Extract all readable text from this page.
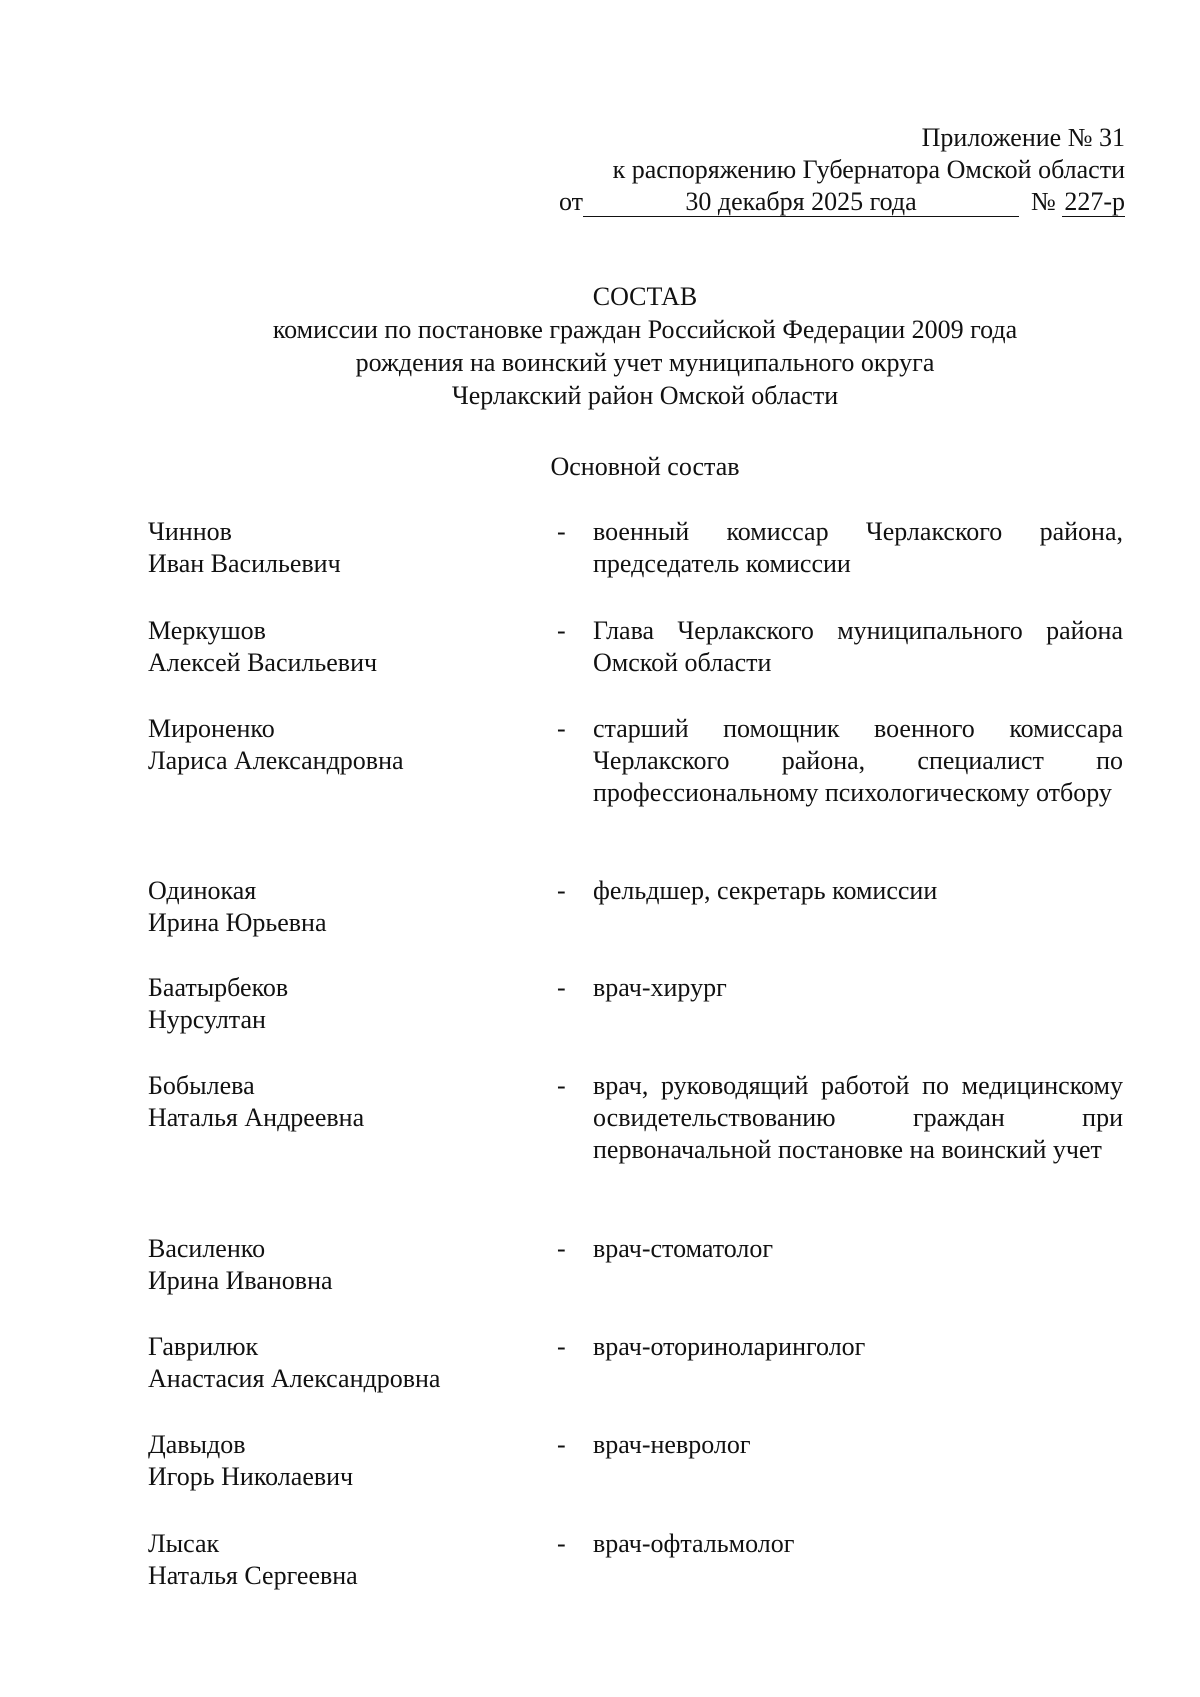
Приложение № 31
к распоряжению Губернатора Омской области
от	30 декабря 2025 года	№
227-р
СОСТАВ
комиссии по постановке граждан Российской Федерации 2009 года
рождения на воинский учет муниципального округа
Черлакский район Омской области
Основной состав
Чиннов
Иван Васильевич
-	военный комиссар Черлакского района, председатель комиссии
Меркушов
Алексей Васильевич
-	Глава Черлакского муниципального района Омской области
Мироненко
Лариса Александровна
-	старший помощник военного комиссара Черлакского района, специалист по профессиональному психологическому отбору
Одинокая
Ирина Юрьевна
-	фельдшер, секретарь комиссии
Баатырбеков
Нурсултан
-	врач-хирург
Бобылева
Наталья Андреевна
-	врач, руководящий работой по медицинскому освидетельствованию граждан при первоначальной постановке на воинский учет
Василенко
Ирина Ивановна
-	врач-стоматолог
Гаврилюк
Анастасия Александровна
-	врач-оториноларинголог
Давыдов
Игорь Николаевич
-	врач-невролог
Лысак
Наталья Сергеевна
-	врач-офтальмолог
